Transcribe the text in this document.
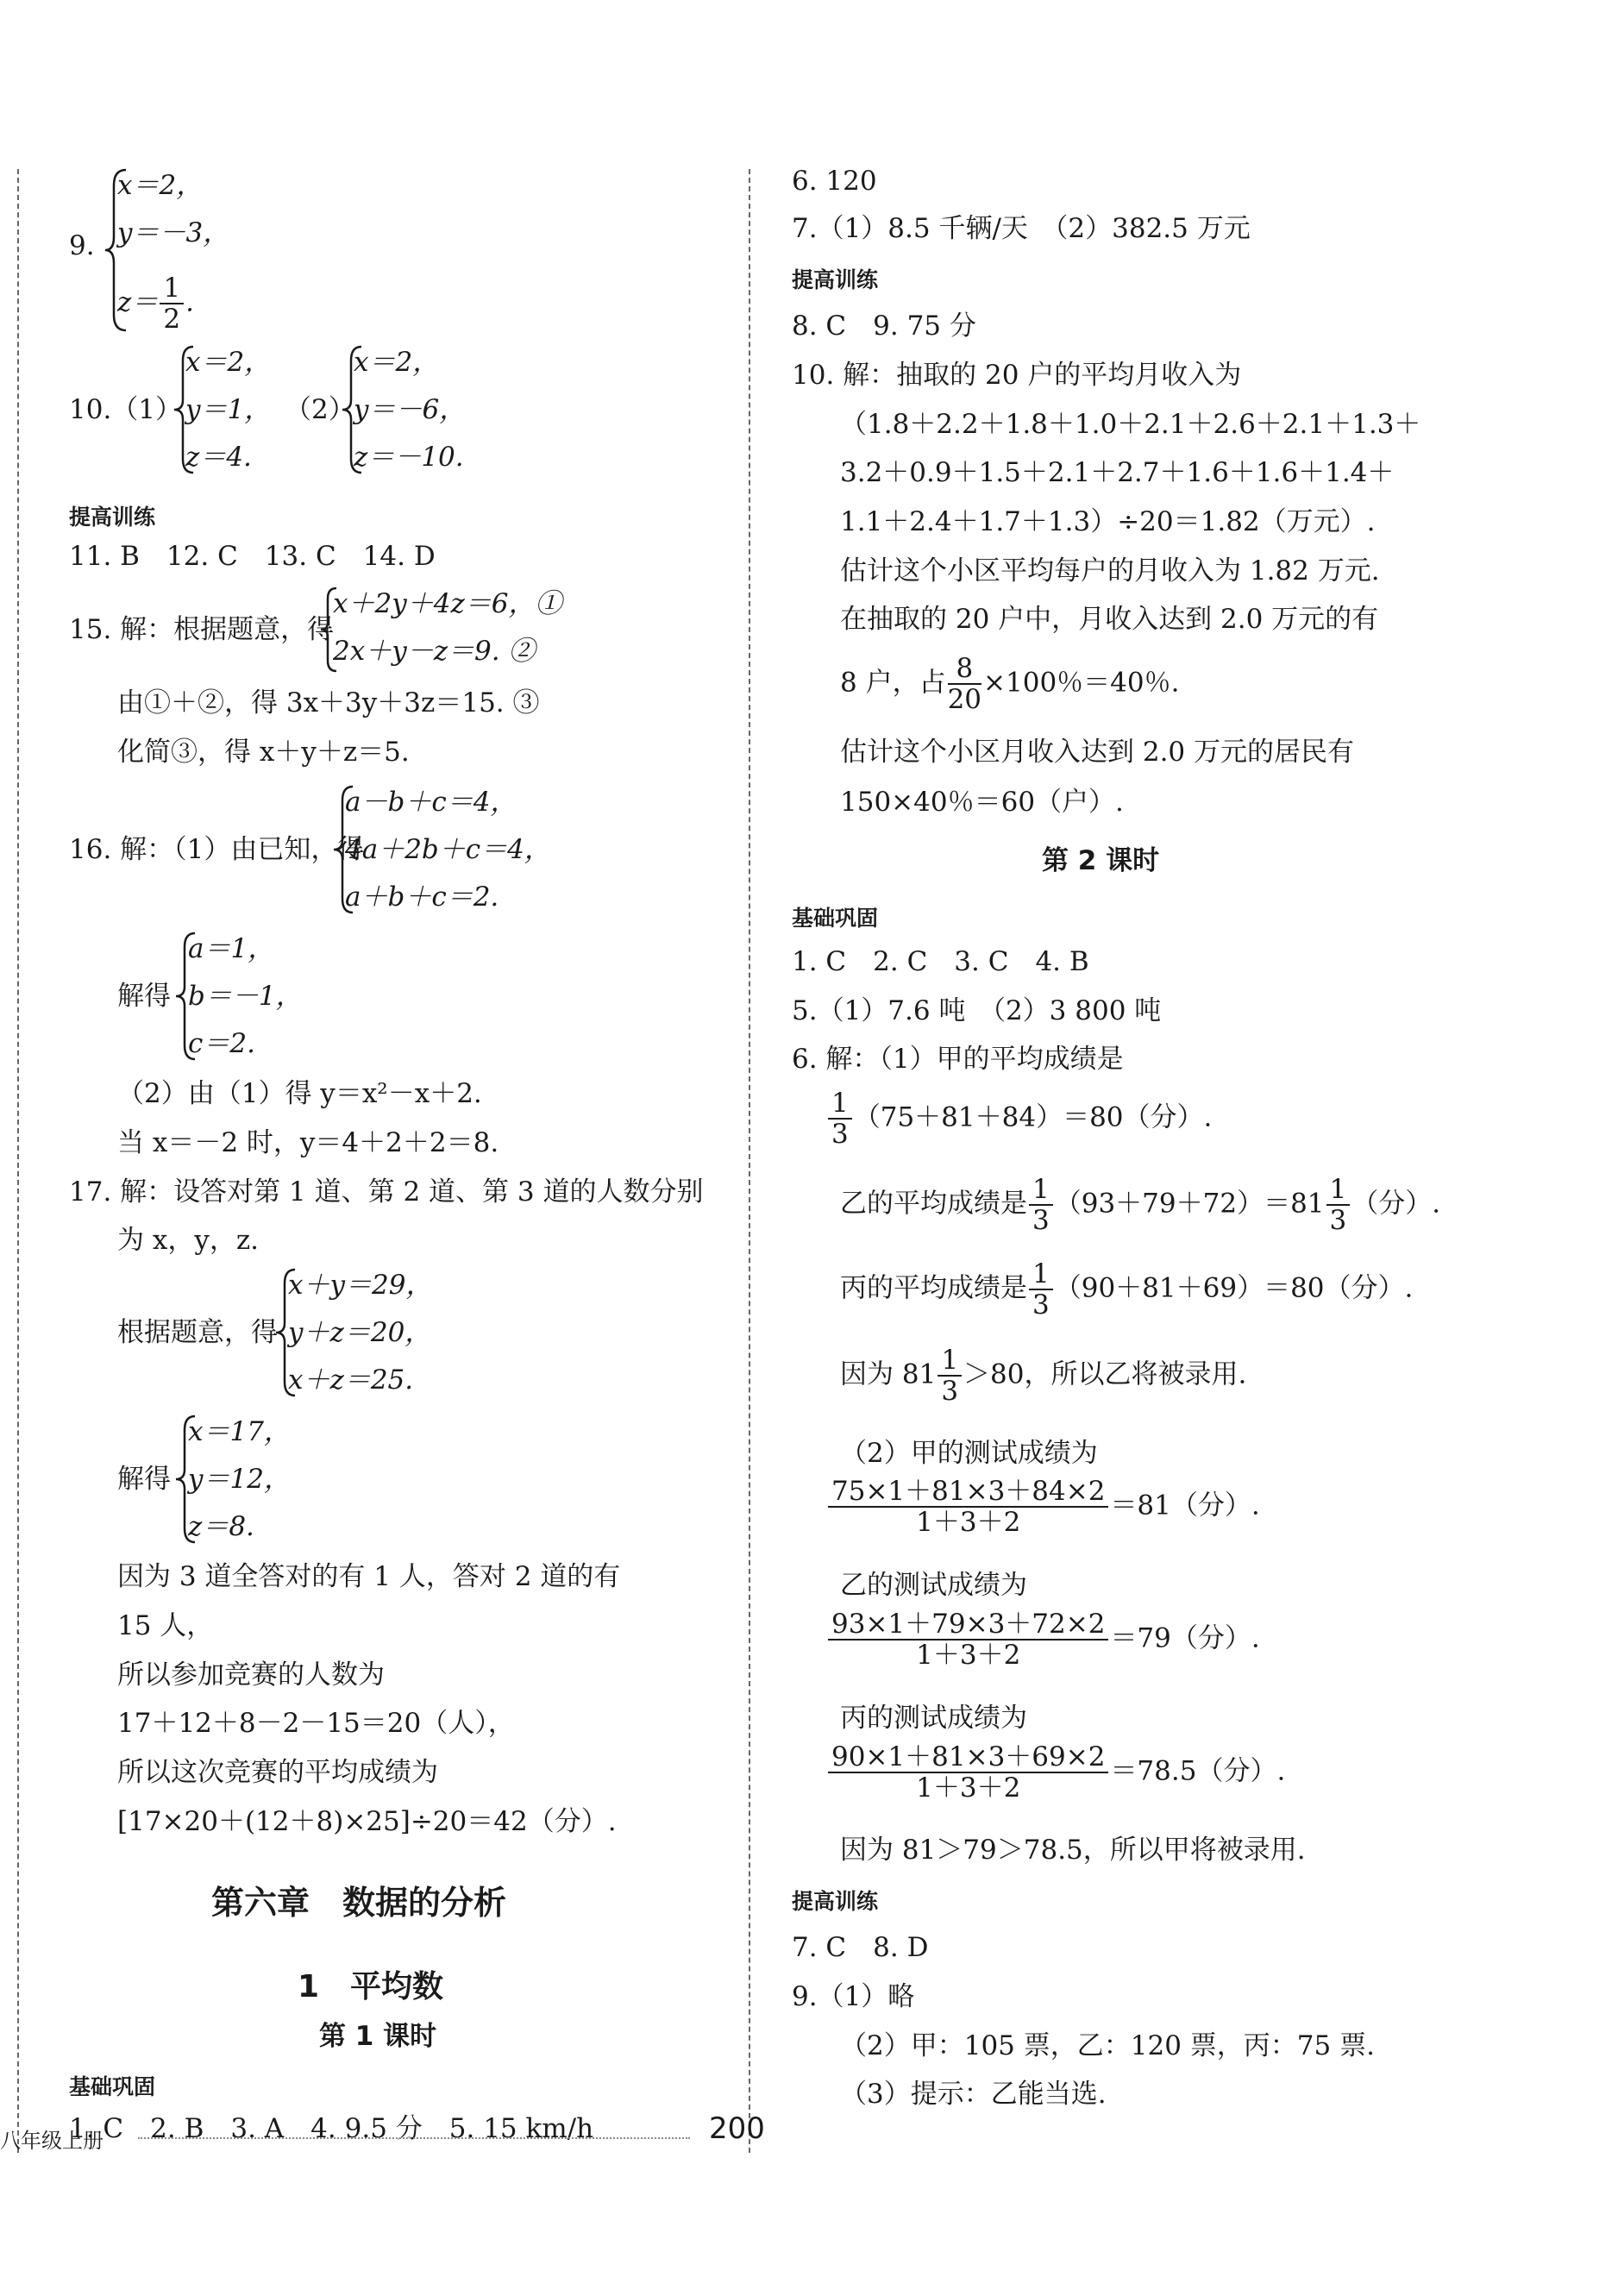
9.
x＝2，
y＝－3，
$z= \frac{1}{2}$ .
10.（1）
x＝2，
y＝1，
z＝4.
（2）
x＝2，
y＝－6，
z＝－10.
提高训练
11. B　12. C　13. C　14. D
15. 解：根据题意，得
x＋2y＋4z＝6，①
2x＋y－z＝9. ②
由①＋②，得 3x＋3y＋3z＝15. ③
化简③，得 x＋y＋z＝5.
16. 解：（1）由已知，得
a－b＋c＝4，
4a＋2b＋c＝4，
a＋b＋c＝2.
解得
a＝1，
b＝－1，
c＝2.
（2）由（1）得 y＝x²－x＋2.
当 x＝－2 时，y＝4＋2＋2＝8.
17. 解：设答对第 1 道、第 2 道、第 3 道的人数分别
为 x，y，z.
根据题意，得
x＋y＝29，
y＋z＝20，
x＋z＝25.
解得
x＝17，
y＝12，
z＝8.
因为 3 道全答对的有 1 人，答对 2 道的有
15 人，
所以参加竞赛的人数为
17＋12＋8－2－15＝20（人），
所以这次竞赛的平均成绩为
[17×20＋(12＋8)×25]÷20＝42（分）.
第六章　数据的分析
1　平均数
第 1 课时
基础巩固
1. C　2. B　3. A　4. 9.5 分　5. 15 km/h
6. 120
7.（1）8.5 千辆/天　（2）382.5 万元
提高训练
8. C　9. 75 分
10. 解：抽取的 20 户的平均月收入为
（1.8＋2.2＋1.8＋1.0＋2.1＋2.6＋2.1＋1.3＋
3.2＋0.9＋1.5＋2.1＋2.7＋1.6＋1.6＋1.4＋
1.1＋2.4＋1.7＋1.3）÷20＝1.82（万元）.
估计这个小区平均每户的月收入为 1.82 万元.
在抽取的 20 户中，月收入达到 2.0 万元的有
8 户，占 $\frac{8}{20} \times 100$％＝40％.
估计这个小区月收入达到 2.0 万元的居民有
150×40％＝60（户）.
第 2 课时
基础巩固
1. C　2. C　3. C　4. B
5.（1）7.6 吨　（2）3 800 吨
6. 解：（1）甲的平均成绩是
$\frac{1}{3} (75+81+84)=80$（分）.
乙的平均成绩是 $\frac{1}{3} (93+79+72)=81 \frac{1}{3}$ （分）.
丙的平均成绩是 $\frac{1}{3} (90+81+69)=80$（分）.
因为 $81 \frac{1}{3} >80$，所以乙将被录用.
（2）甲的测试成绩为
$\frac{75\times 1+81\times 3+84\times 2}{1+3+2} =81$（分）.
乙的测试成绩为
$\frac{93\times 1+79\times 3+72\times 2}{1+3+2} =79$（分）.
丙的测试成绩为
$\frac{90\times 1+81\times 3+69\times 2}{1+3+2} =78.5$（分）.
因为 81＞79＞78.5，所以甲将被录用.
提高训练
7. C　8. D
9.（1）略
（2）甲：105 票，乙：120 票，丙：75 票.
（3）提示：乙能当选.
八年级上册	200
